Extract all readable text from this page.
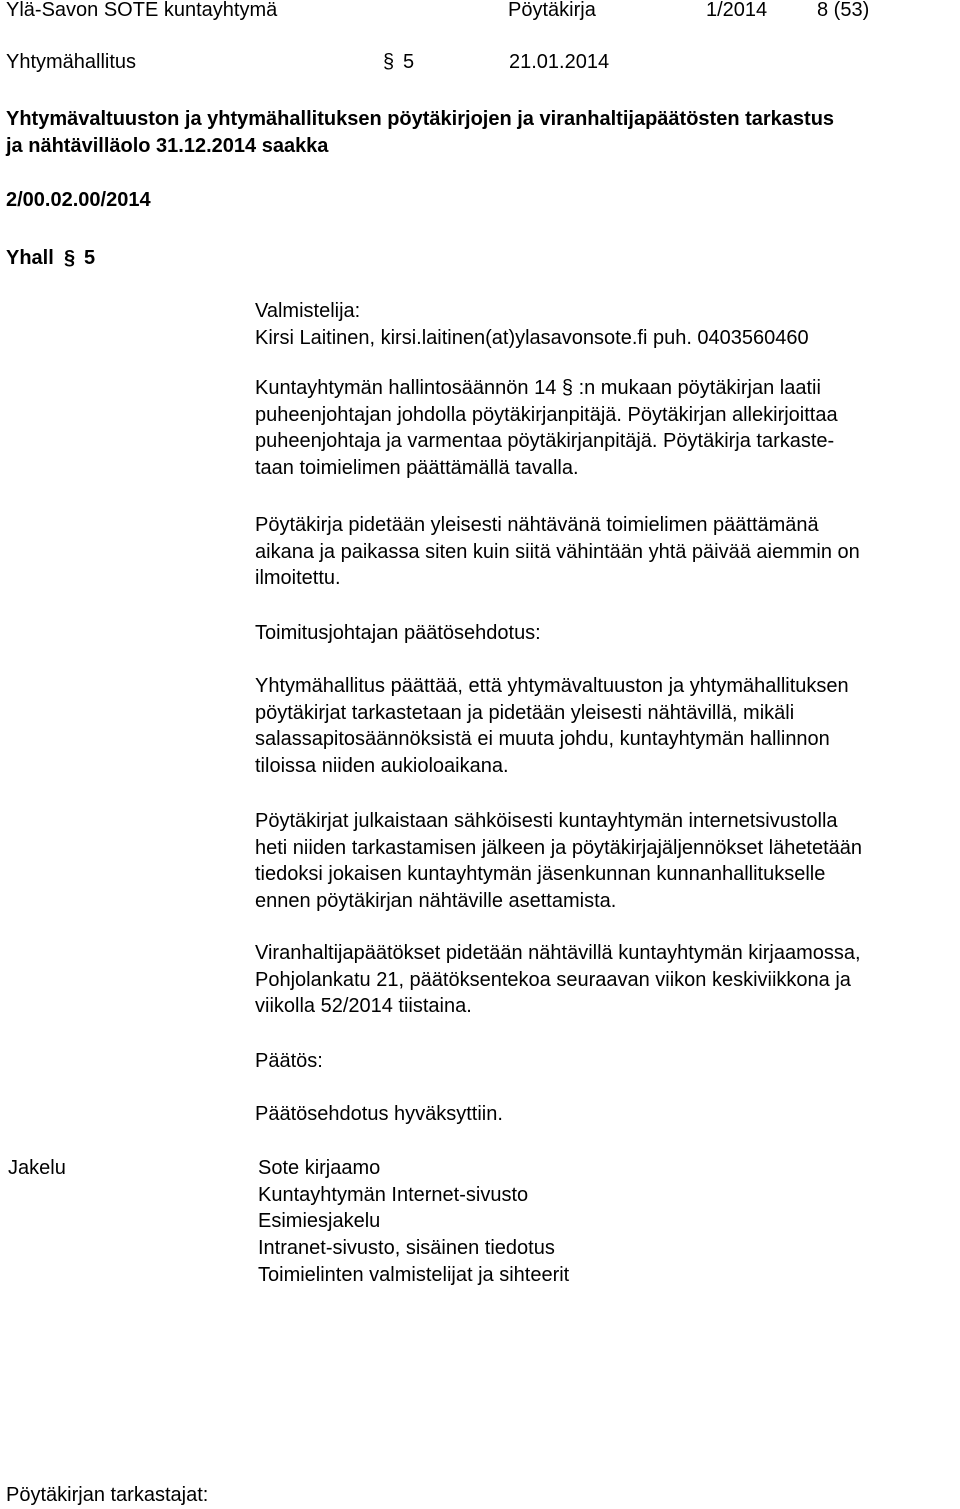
Ylä-Savon SOTE kuntayhtymä	Pöytäkirja	1/2014 8 (53)
Yhtymähallitus	§ 5	21.01.2014
Yhtymävaltuuston ja yhtymähallituksen pöytäkirjojen ja viranhaltijapäätösten tarkastus
ja nähtävilläolo 31.12.2014 saakka
2/00.02.00/2014
Yhall § 5
Valmistelija:
Kirsi Laitinen, kirsi.laitinen(at)ylasavonsote.fi puh. 0403560460
Kuntayhtymän hallintosäännön 14 § :n mukaan pöytäkirjan laatii
puheenjohtajan johdolla pöytäkirjanpitäjä. Pöytäkirjan allekirjoittaa
puheenjohtaja ja varmentaa pöytäkirjanpitäjä. Pöytäkirja tarkaste-
taan toimielimen päättämällä tavalla.
Pöytäkirja pidetään yleisesti nähtävänä toimielimen päättämänä
aikana ja paikassa siten kuin siitä vähintään yhtä päivää aiemmin on
ilmoitettu.
Toimitusjohtajan päätösehdotus:
Yhtymähallitus päättää, että yhtymävaltuuston ja yhtymähallituksen
pöytäkirjat tarkastetaan ja pidetään yleisesti nähtävillä, mikäli
salassapitosäännöksistä ei muuta johdu, kuntayhtymän hallinnon
tiloissa niiden aukioloaikana.
Pöytäkirjat julkaistaan sähköisesti kuntayhtymän internetsivustolla
heti niiden tarkastamisen jälkeen ja pöytäkirjajäljennökset lähetetään
tiedoksi jokaisen kuntayhtymän jäsenkunnan kunnanhallitukselle
ennen pöytäkirjan nähtäville asettamista.
Viranhaltijapäätökset pidetään nähtävillä kuntayhtymän kirjaamossa,
Pohjolankatu 21, päätöksentekoa seuraavan viikon keskiviikkona ja
viikolla 52/2014 tiistaina.
Päätös:
Päätösehdotus hyväksyttiin.
Jakelu	Sote kirjaamo
Kuntayhtymän Internet-sivusto
Esimiesjakelu
Intranet-sivusto, sisäinen tiedotus
Toimielinten valmistelijat ja sihteerit
Pöytäkirjan tarkastajat:
